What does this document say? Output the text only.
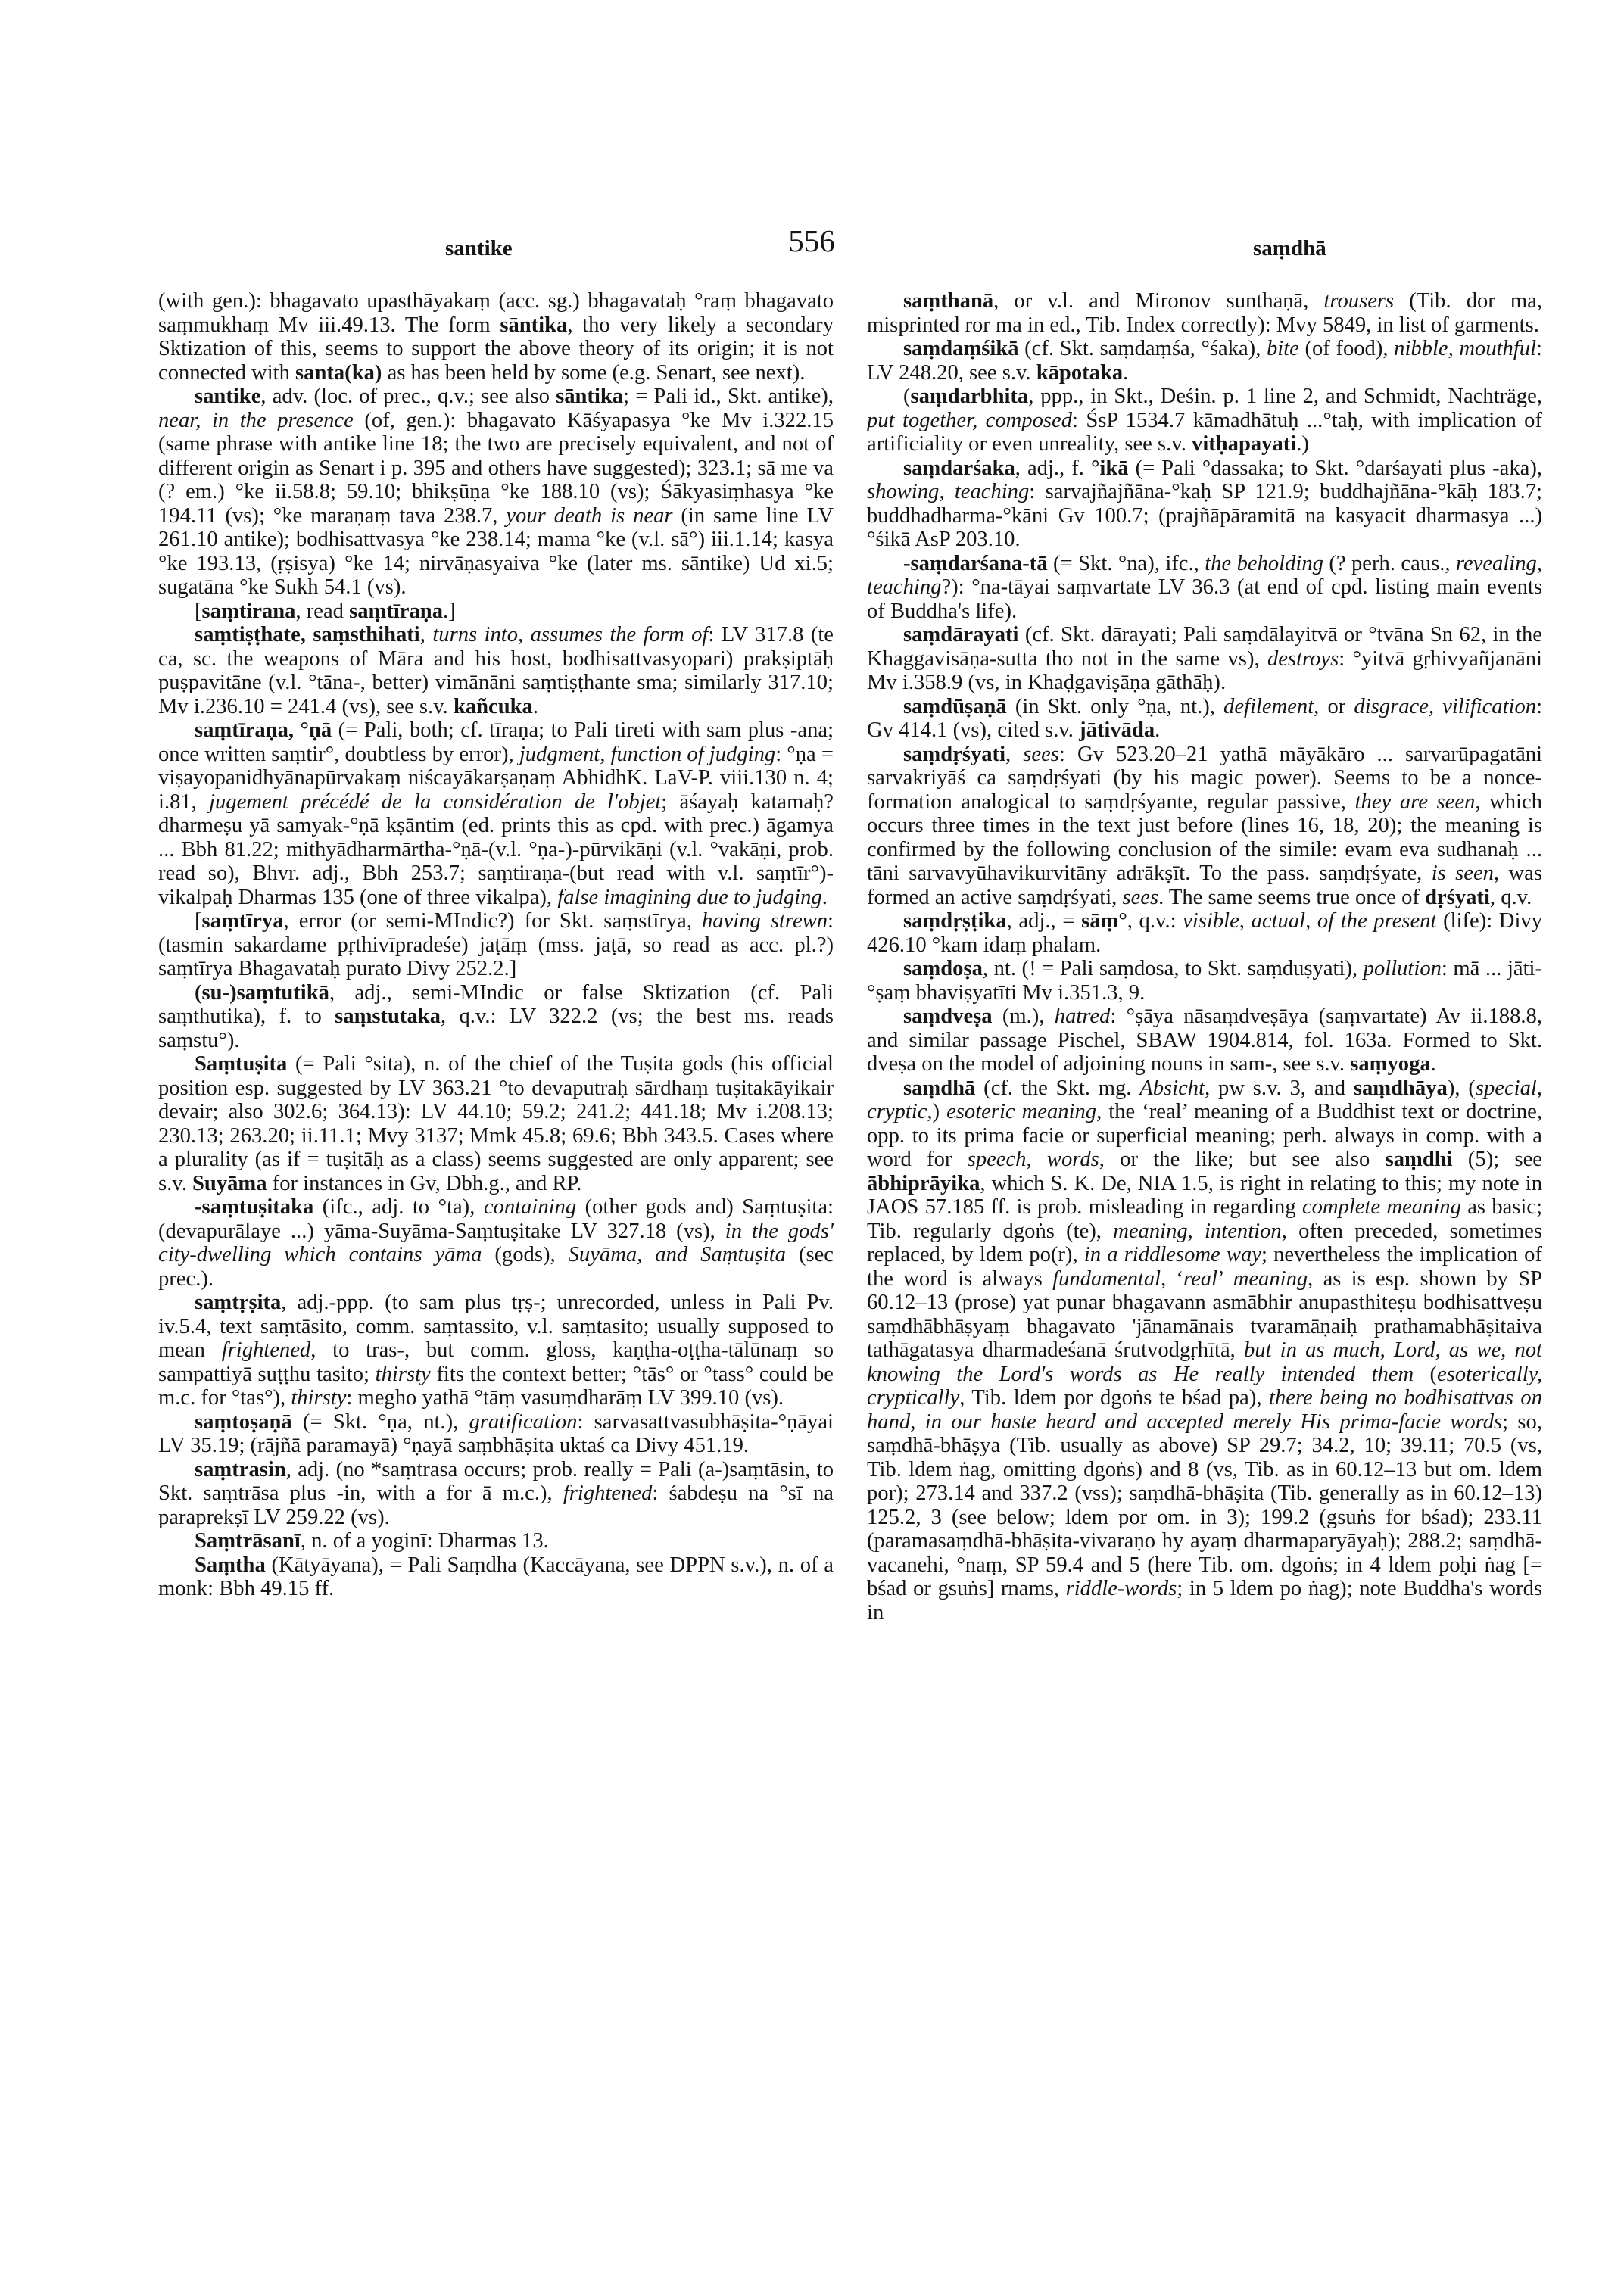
santike	556	saṃdhā

(with gen.): bhagavato upasthāyakaṃ (acc. sg.) bhagavataḥ °raṃ bhagavato saṃmukhaṃ Mv iii.49.13. The form sāntika, tho very likely a secondary Sktization of this, seems to support the above theory of its origin; it is not connected with santa(ka) as has been held by some (e.g. Senart, see next).

santike, adv. (loc. of prec., q.v.; see also sāntika; = Pali id., Skt. antike), near, in the presence (of, gen.): bhagavato Kāśyapasya °ke Mv i.322.15 (same phrase with antike line 18; the two are precisely equivalent, and not of different origin as Senart i p. 395 and others have suggested); 323.1; sā me va (? em.) °ke ii.58.8; 59.10; bhikṣūṇa °ke 188.10 (vs); Śākyasiṃhasya °ke 194.11 (vs); °ke maraṇaṃ tava 238.7, your death is near (in same line LV 261.10 antike); bodhisattvasya °ke 238.14; mama °ke (v.l. sā°) iii.1.14; kasya °ke 193.13, (ṛṣisya) °ke 14; nirvāṇasyaiva °ke (later ms. sāntike) Ud xi.5; sugatāna °ke Sukh 54.1 (vs).

[saṃtirana, read saṃtīraṇa.]

saṃtiṣṭhate, saṃsthihati, turns into, assumes the form of: LV 317.8 (te ca, sc. the weapons of Māra and his host, bodhisattvasyopari) prakṣiptāḥ puṣpavitāne (v.l. °tāna-, better) vimānāni saṃtiṣṭhante sma; similarly 317.10; Mv i.236.10 = 241.4 (vs), see s.v. kañcuka.

saṃtīraṇa, °ṇā (= Pali, both; cf. tīraṇa; to Pali tireti with sam plus -ana; once written saṃtir°, doubtless by error), judgment, function of judging: °ṇa = viṣayopanidhyānapūrvakaṃ niścayākarṣaṇaṃ AbhidhK. LaV-P. viii.130 n. 4; i.81, jugement précédé de la considération de l'objet; āśayaḥ katamaḥ? dharmeṣu yā samyak-°ṇā kṣāntim (ed. prints this as cpd. with prec.) āgamya ... Bbh 81.22; mithyādharmārtha-°ṇā-(v.l. °ṇa-)-pūrvikāṇi (v.l. °vakāṇi, prob. read so), Bhvr. adj., Bbh 253.7; saṃtiraṇa-(but read with v.l. saṃtīr°)-vikalpaḥ Dharmas 135 (one of three vikalpa), false imagining due to judging.

[saṃtīrya, error (or semi-MIndic?) for Skt. saṃstīrya, having strewn: (tasmin sakardame pṛthivīpradeśe) jaṭāṃ (mss. jaṭā, so read as acc. pl.?) saṃtīrya Bhagavataḥ purato Divy 252.2.]

(su-)saṃtutikā, adj., semi-MIndic or false Sktization (cf. Pali saṃthutika), f. to saṃstutaka, q.v.: LV 322.2 (vs; the best ms. reads saṃstu°).

Saṃtuṣita (= Pali °sita), n. of the chief of the Tuṣita gods (his official position esp. suggested by LV 363.21 °to devaputraḥ sārdhaṃ tuṣitakāyikair devair; also 302.6; 364.13): LV 44.10; 59.2; 241.2; 441.18; Mv i.208.13; 230.13; 263.20; ii.11.1; Mvy 3137; Mmk 45.8; 69.6; Bbh 343.5. Cases where a plurality (as if = tuṣitāḥ as a class) seems suggested are only apparent; see s.v. Suyāma for instances in Gv, Dbh.g., and RP.

-saṃtuṣitaka (ifc., adj. to °ta), containing (other gods and) Saṃtuṣita: (devapurālaye ...) yāma-Suyāma-Saṃtuṣitake LV 327.18 (vs), in the gods' city-dwelling which contains yāma (gods), Suyāma, and Saṃtuṣita (sec prec.).

saṃtṛṣita, adj.-ppp. (to sam plus tṛṣ-; unrecorded, unless in Pali Pv. iv.5.4, text saṃtāsito, comm. saṃtassito, v.l. saṃtasito; usually supposed to mean frightened, to tras-, but comm. gloss, kaṇṭha-oṭṭha-tālūnaṃ so sampattiyā suṭṭhu tasito; thirsty fits the context better; °tās° or °tass° could be m.c. for °tas°), thirsty: megho yathā °tāṃ vasuṃdharāṃ LV 399.10 (vs).

saṃtoṣaṇā (= Skt. °ṇa, nt.), gratification: sarvasattvasubhāṣita-°ṇāyai LV 35.19; (rājñā paramayā) °ṇayā saṃbhāṣita uktaś ca Divy 451.19.

saṃtrasin, adj. (no *saṃtrasa occurs; prob. really = Pali (a-)saṃtāsin, to Skt. saṃtrāsa plus -in, with a for ā m.c.), frightened: śabdeṣu na °sī na paraprekṣī LV 259.22 (vs).

Saṃtrāsanī, n. of a yoginī: Dharmas 13.

Saṃtha (Kātyāyana), = Pali Saṃdha (Kaccāyana, see DPPN s.v.), n. of a monk: Bbh 49.15 ff.

saṃthanā, or v.l. and Mironov sunthaṇā, trousers (Tib. dor ma, misprinted ror ma in ed., Tib. Index correctly): Mvy 5849, in list of garments.

saṃdaṃśikā (cf. Skt. saṃdaṃśa, °śaka), bite (of food), nibble, mouthful: LV 248.20, see s.v. kāpotaka.

(saṃdarbhita, ppp., in Skt., Deśin. p. 1 line 2, and Schmidt, Nachträge, put together, composed: ŚsP 1534.7 kāmadhātuḥ ...°taḥ, with implication of artificiality or even unreality, see s.v. vitḥapayati.)

saṃdarśaka, adj., f. °ikā (= Pali °dassaka; to Skt. °darśayati plus -aka), showing, teaching: sarvajñajñāna-°kaḥ SP 121.9; buddhajñāna-°kāḥ 183.7; buddhadharma-°kāni Gv 100.7; (prajñāpāramitā na kasyacit dharmasya ...) °śikā AsP 203.10.

-saṃdarśana-tā (= Skt. °na), ifc., the beholding (? perh. caus., revealing, teaching?): °na-tāyai saṃvartate LV 36.3 (at end of cpd. listing main events of Buddha's life).

saṃdārayati (cf. Skt. dārayati; Pali saṃdālayitvā or °tvāna Sn 62, in the Khaggavisāṇa-sutta tho not in the same vs), destroys: °yitvā gṛhivyañjanāni Mv i.358.9 (vs, in Khaḍgaviṣāṇa gāthāḥ).

saṃdūṣaṇā (in Skt. only °ṇa, nt.), defilement, or disgrace, vilification: Gv 414.1 (vs), cited s.v. jātivāda.

saṃdṛśyati, sees: Gv 523.20–21 yathā māyākāro ... sarvarūpagatāni sarvakriyāś ca saṃdṛśyati (by his magic power). Seems to be a nonce-formation analogical to saṃdṛśyante, regular passive, they are seen, which occurs three times in the text just before (lines 16, 18, 20); the meaning is confirmed by the following conclusion of the simile: evam eva sudhanaḥ ... tāni sarvavyūhavikurvitāny adrākṣīt. To the pass. saṃdṛśyate, is seen, was formed an active saṃdṛśyati, sees. The same seems true once of dṛśyati, q.v.

saṃdṛṣṭika, adj., = sāṃ°, q.v.: visible, actual, of the present (life): Divy 426.10 °kam idaṃ phalam.

saṃdoṣa, nt. (! = Pali saṃdosa, to Skt. saṃduṣyati), pollution: mā ... jāti-°ṣaṃ bhaviṣyatīti Mv i.351.3, 9.

saṃdveṣa (m.), hatred: °ṣāya nāsaṃdveṣāya (saṃvartate) Av ii.188.8, and similar passage Pischel, SBAW 1904.814, fol. 163a. Formed to Skt. dveṣa on the model of adjoining nouns in sam-, see s.v. saṃyoga.

saṃdhā (cf. the Skt. mg. Absicht, pw s.v. 3, and saṃdhāya), (special, cryptic,) esoteric meaning, the ‘real’ meaning of a Buddhist text or doctrine, opp. to its prima facie or superficial meaning; perh. always in comp. with a word for speech, words, or the like; but see also saṃdhi (5); see ābhiprāyika, which S. K. De, NIA 1.5, is right in relating to this; my note in JAOS 57.185 ff. is prob. misleading in regarding complete meaning as basic; Tib. regularly dgoṅs (te), meaning, intention, often preceded, sometimes replaced, by ldem po(r), in a riddlesome way; nevertheless the implication of the word is always fundamental, ‘real’ meaning, as is esp. shown by SP 60.12–13 (prose) yat punar bhagavann asmābhir anupasthiteṣu bodhisattveṣu saṃdhābhāṣyaṃ bhagavato 'jānamānais tvaramāṇaiḥ prathamabhāṣitaiva tathāgatasya dharmadeśanā śrutvodgṛhītā, but in as much, Lord, as we, not knowing the Lord's words as He really intended them (esoterically, cryptically, Tib. ldem por dgoṅs te bśad pa), there being no bodhisattvas on hand, in our haste heard and accepted merely His prima-facie words; so, saṃdhā-bhāṣya (Tib. usually as above) SP 29.7; 34.2, 10; 39.11; 70.5 (vs, Tib. ldem ṅag, omitting dgoṅs) and 8 (vs, Tib. as in 60.12–13 but om. ldem por); 273.14 and 337.2 (vss); saṃdhā-bhāṣita (Tib. generally as in 60.12–13) 125.2, 3 (see below; ldem por om. in 3); 199.2 (gsuṅs for bśad); 233.11 (paramasaṃdhā-bhāṣita-vivaraṇo hy ayaṃ dharmaparyāyaḥ); 288.2; saṃdhā-vacanehi, °naṃ, SP 59.4 and 5 (here Tib. om. dgoṅs; in 4 ldem poḥi ṅag [= bśad or gsuṅs] rnams, riddle-words; in 5 ldem po ṅag); note Buddha's words in
